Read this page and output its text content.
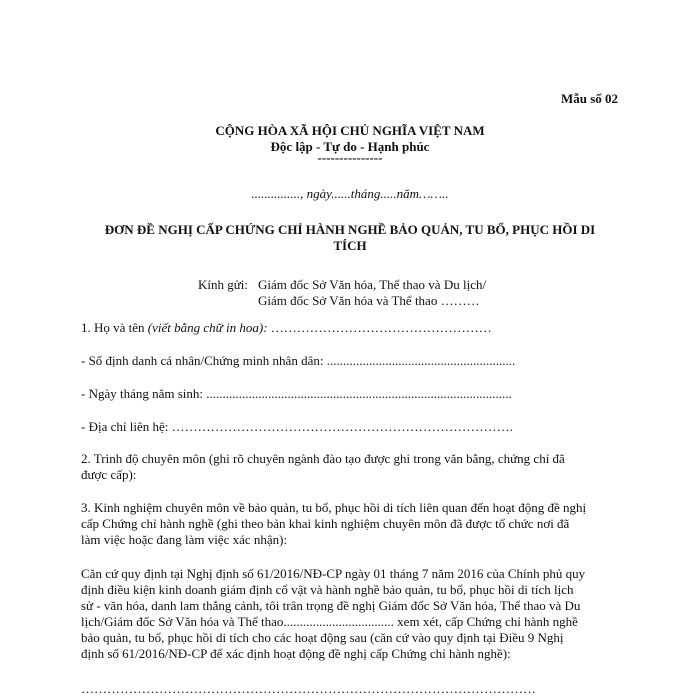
Mẫu số 02
CỘNG HÒA XÃ HỘI CHỦ NGHĨA VIỆT NAM
Độc lập - Tự do - Hạnh phúc
---------------
..............., ngày......tháng.....năm……..
ĐƠN ĐỀ NGHỊ CẤP CHỨNG CHỈ HÀNH NGHỀ BẢO QUẢN, TU BỔ, PHỤC HỒI DI
TÍCH
Kính gửi: Giám đốc Sở Văn hóa, Thể thao và Du lịch/
Giám đốc Sở Văn hóa và Thể thao ………
1. Họ và tên (viết bằng chữ in hoa): ……………………………………………
- Số định danh cá nhân/Chứng minh nhân dân: ..........................................................
- Ngày tháng năm sinh: ..............................................................................................
- Địa chỉ liên hệ: …………………………………………………………………….
2. Trình độ chuyên môn (ghi rõ chuyên ngành đào tạo được ghi trong văn bằng, chứng chỉ đã
được cấp):
3. Kinh nghiệm chuyên môn về bảo quản, tu bổ, phục hồi di tích liên quan đến hoạt động đề nghị
cấp Chứng chỉ hành nghề (ghi theo bản khai kinh nghiệm chuyên môn đã được tổ chức nơi đã
làm việc hoặc đang làm việc xác nhận):
Căn cứ quy định tại Nghị định số 61/2016/NĐ-CP ngày 01 tháng 7 năm 2016 của Chính phủ quy
định điều kiện kinh doanh giám định cổ vật và hành nghề bảo quản, tu bổ, phục hồi di tích lịch
sử - văn hóa, danh lam thắng cảnh, tôi trân trọng đề nghị Giám đốc Sở Văn hóa, Thể thao và Du
lịch/Giám đốc Sở Văn hóa và Thể thao.................................. xem xét, cấp Chứng chỉ hành nghề
bảo quản, tu bổ, phục hồi di tích cho các hoạt động sau (căn cứ vào quy định tại Điều 9 Nghị
định số 61/2016/NĐ-CP để xác định hoạt động đề nghị cấp Chứng chỉ hành nghề):
……………………………………………………………………………………………
